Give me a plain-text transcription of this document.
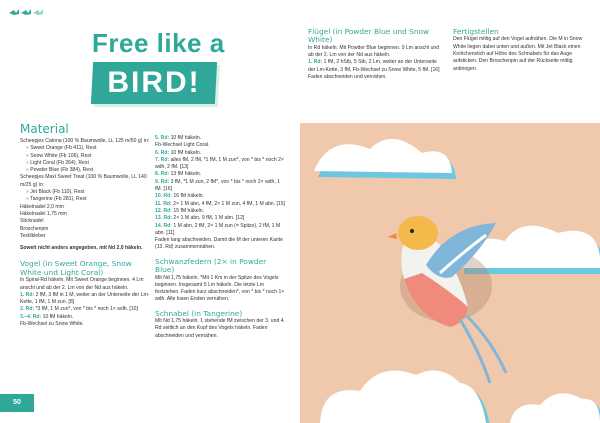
Free like a
BIRD!

Material

Scheepjes Catona (100 % Baumwolle, LL 125 m/50 g) in:

» Sweet Orange (Fb 411), Rest

» Snow White (Fb 106), Rest

» Light Coral (Fb 264), Rest

» Powder Blue (Fb 384), Rest

Scheepjes Maxi Sweet Treat (100 % Baumwolle, LL 140 m/25 g) in:

» Jet Black (Fb 110), Rest

» Tangerine (Fb 281), Rest

Häkelnadel 2,0 mm

Häkelnadel 1,75 mm

Sticknadel

Broschenpin

Textilkleber

Soweit nicht anders angegeben, mit Nd 2,0 häkeln.

Vogel (in Sweet Orange, Snow White und Light Coral)

In Spiral-Rd häkeln. Mit Sweet Orange beginnen. 4 Lm anschl und ab der 2. Lm von der Nd aus häkeln.

1. Rd: 2 fM, 3 fM in 1 M, weiter an der Unterseite der Lm-Kette, 1 fM, 1 M zun. [8]

2. Rd: *3 fM, 1 M zun*, von * bis * noch 1× wdh. [10]

3.–4. Rd: 10 fM häkeln.

Fb-Wechsel zu Snow White.

5. Rd: 10 fM häkeln.

Fb-Wechsel Light Coral.

6. Rd: 10 fM häkeln.

7. Rd: alles fM, 2 fM, *1 fM, 1 M zun*, von * bis * noch 2× wdh, 2 fM. [13]

8. Rd: 13 fM häkeln.

9. Rd: 3 fM, *1 M zun, 2 fM*, von * bis * noch 2× wdh, 1 fM. [16]

10. Rd: 16 fM häkeln.

11. Rd: 2× 1 M abn, 4 fM, 2× 1 M zun, 4 fM, 1 M abn. [15]

12. Rd: 15 fM häkeln.

13. Rd: 2× 1 M abn, 9 fM, 1 M abn. [12]

14. Rd: 1 M abn, 2 fM, 2× 1 M zun (= Spitze), 2 fM, 1 M abn. [11]

Faden lang abschneiden. Damit die M der unteren Kante (13. Rd) zusammennähen.

Schwanzfedern (2× in Powder Blue)

Mit Nd 1,75 häkeln. *Mit 1 Km in der Spitze des Vogels beginnen. Insgesamt 5 Lm häkeln. Die letzte Lm festziehen. Faden kurz abschneiden*, von * bis * noch 1× wdh. Alle losen Enden vernähen.

Schnabel (in Tangerine)

Mit Nd 1,75 häkeln. 1 stehende fM zwischen der 3. und 4. Rd seitlich an den Kopf des Vogels häkeln. Faden abschneiden und vernähen.

50

Flügel (in Powder Blue und Snow White)

In Rd häkeln. Mit Powder Blue beginnen. 9 Lm anschl und ab der 2. Lm von der Nd aus häkeln.

1. Rd: 1 fM, 2 hStb, 5 Stb, 2 Lm, weiter an der Unterseite der Lm-Kette, 3 fM, Fb-Wechsel zu Snow White, 5 fM. [16]

Faden abschneiden und vernähen.

Fertigstellen

Den Flügel mittig auf den Vogel aufnähen. Die M in Snow White liegen dabei unten und außen. Mit Jet Black einen Knötchenstich auf Höhe des Schnabels für das Auge aufsticken. Den Broschenpin auf der Rückseite mittig anbringen.
